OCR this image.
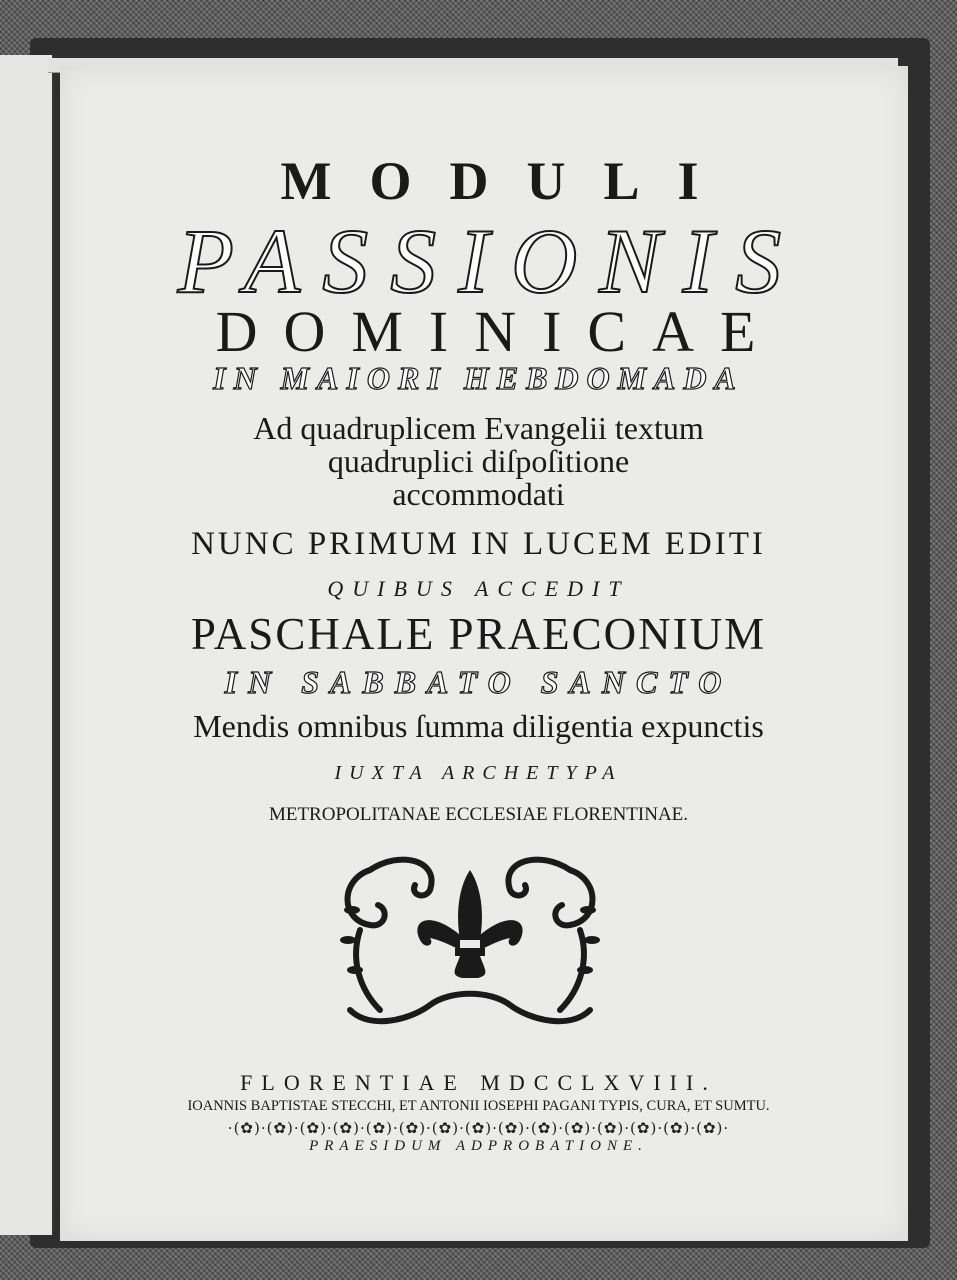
MODULI
PASSIONIS
DOMINICAE
IN MAIORI HEBDOMADA
Ad quadruplicem Evangelii textum
quadruplici diſpoſitione
accommodati
NUNC PRIMUM IN LUCEM EDITI
QUIBUS ACCEDIT
PASCHALE PRAECONIUM
IN SABBATO SANCTO
Mendis omnibus ſumma diligentia expunctis
IUXTA ARCHETYPA
METROPOLITANAE ECCLESIAE FLORENTINAE.
FLORENTIAE MDCCLXVIII.
IOANNIS BAPTISTAE STECCHI, ET ANTONII IOSEPHI PAGANI TYPIS, CURA, ET SUMTU.
·(✿)·(✿)·(✿)·(✿)·(✿)·(✿)·(✿)·(✿)·(✿)·(✿)·(✿)·(✿)·(✿)·(✿)·(✿)·
PRAESIDUM ADPROBATIONE.
